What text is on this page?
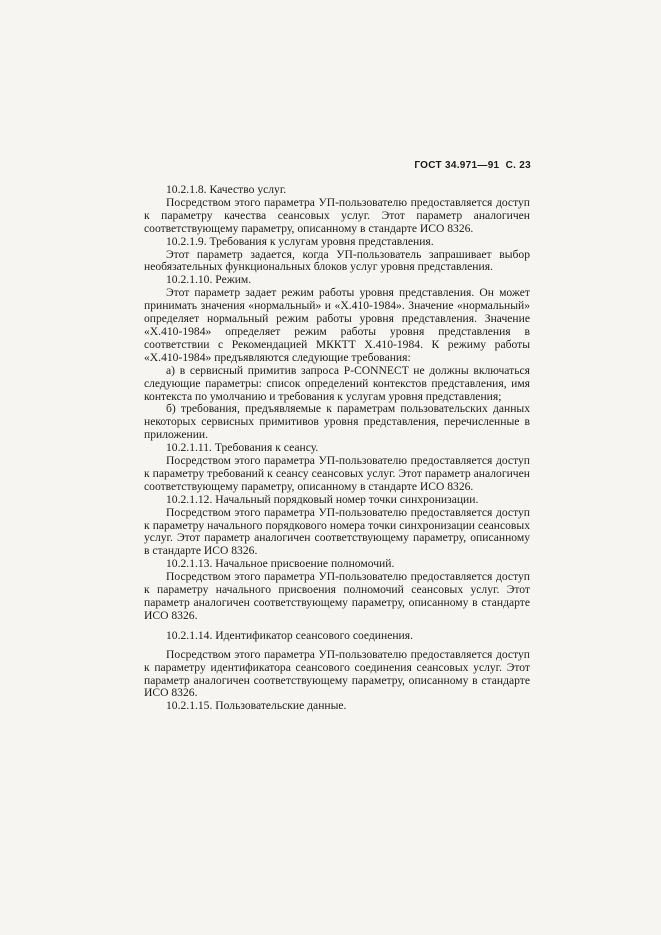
ГОСТ 34.971—91 С. 23

10.2.1.8. Качество услуг.

Посредством этого параметра УП-пользователю предоставляется доступ к параметру качества сеансовых услуг. Этот параметр аналогичен соответствующему параметру, описанному в стандарте ИСО 8326.

10.2.1.9. Требования к услугам уровня представления.

Этот параметр задается, когда УП-пользователь запрашивает выбор необязательных функциональных блоков услуг уровня представления.

10.2.1.10. Режим.

Этот параметр задает режим работы уровня представления. Он может принимать значения «нормальный» и «Х.410-1984». Значение «нормальный» определяет нормальный режим работы уровня представления. Значение «Х.410-1984» определяет режим работы уровня представления в соответствии с Рекомендацией МККТТ Х.410-1984. К режиму работы «Х.410-1984» предъявляются следующие требования:

а) в сервисный примитив запроса P-CONNECT не должны включаться следующие параметры: список определений контекстов представления, имя контекста по умолчанию и требования к услугам уровня представления;

б) требования, предъявляемые к параметрам пользовательских данных некоторых сервисных примитивов уровня представления, перечисленные в приложении.

10.2.1.11. Требования к сеансу.

Посредством этого параметра УП-пользователю предоставляется доступ к параметру требований к сеансу сеансовых услуг. Этот параметр аналогичен соответствующему параметру, описанному в стандарте ИСО 8326.

10.2.1.12. Начальный порядковый номер точки синхронизации.

Посредством этого параметра УП-пользователю предоставляется доступ к параметру начального порядкового номера точки синхронизации сеансовых услуг. Этот параметр аналогичен соответствующему параметру, описанному в стандарте ИСО 8326.

10.2.1.13. Начальное присвоение полномочий.

Посредством этого параметра УП-пользователю предоставляется доступ к параметру начального присвоения полномочий сеансовых услуг. Этот параметр аналогичен соответствующему параметру, описанному в стандарте ИСО 8326.

10.2.1.14. Идентификатор сеансового соединения.

Посредством этого параметра УП-пользователю предоставляется доступ к параметру идентификатора сеансового соединения сеансовых услуг. Этот параметр аналогичен соответствующему параметру, описанному в стандарте ИСО 8326.

10.2.1.15. Пользовательские данные.
